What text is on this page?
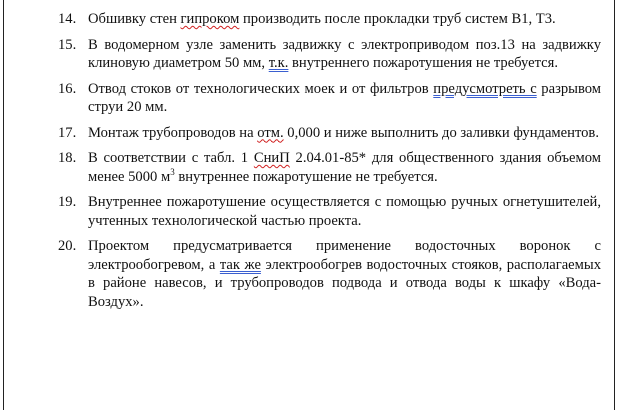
14. Обшивку стен гипроком производить после прокладки труб систем В1, Т3.
15. В водомерном узле заменить задвижку с электроприводом поз.13 на задвижку клиновую диаметром 50 мм, т.к. внутреннего пожаротушения не требуется.
16. Отвод стоков от технологических моек и от фильтров предусмотреть с разрывом струи 20 мм.
17. Монтаж трубопроводов на отм. 0,000 и ниже выполнить до заливки фундаментов.
18. В соответствии с табл. 1 СниП 2.04.01-85* для общественного здания объемом менее 5000 $м^3$ внутреннее пожаротушение не требуется.
19. Внутреннее пожаротушение осуществляется с помощью ручных огнетушителей, учтенных технологической частью проекта.
20. Проектом предусматривается применение водосточных воронок с электрообогревом, а так же электрообогрев водосточных стояков, располагаемых в районе навесов, и трубопроводов подвода и отвода воды к шкафу «Вода-Воздух».
